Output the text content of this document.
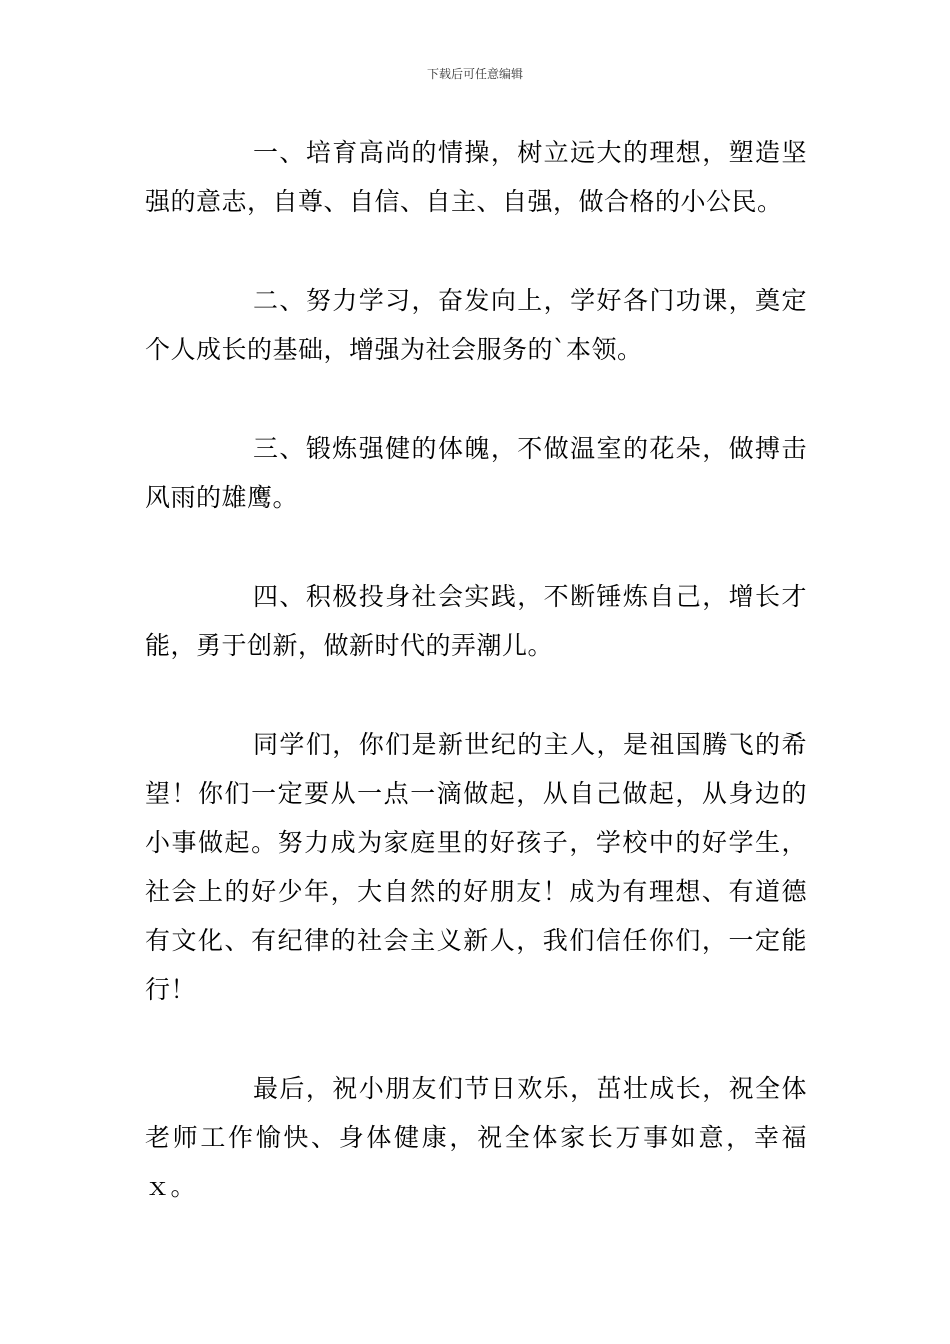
下载后可任意编辑

一、培育高尚的情操，树立远大的理想，塑造坚强的意志，自尊、自信、自主、自强，做合格的小公民。

二、努力学习，奋发向上，学好各门功课，奠定个人成长的基础，增强为社会服务的`本领。

三、锻炼强健的体魄，不做温室的花朵，做搏击风雨的雄鹰。

四、积极投身社会实践，不断锤炼自己，增长才能，勇于创新，做新时代的弄潮儿。

同学们，你们是新世纪的主人，是祖国腾飞的希望！你们一定要从一点一滴做起，从自己做起，从身边的小事做起。努力成为家庭里的好孩子，学校中的好学生，社会上的好少年，大自然的好朋友！成为有理想、有道德有文化、有纪律的社会主义新人，我们信任你们，一定能行！

最后，祝小朋友们节日欢乐，茁壮成长，祝全体老师工作愉快、身体健康，祝全体家长万事如意，幸福ｘ。
